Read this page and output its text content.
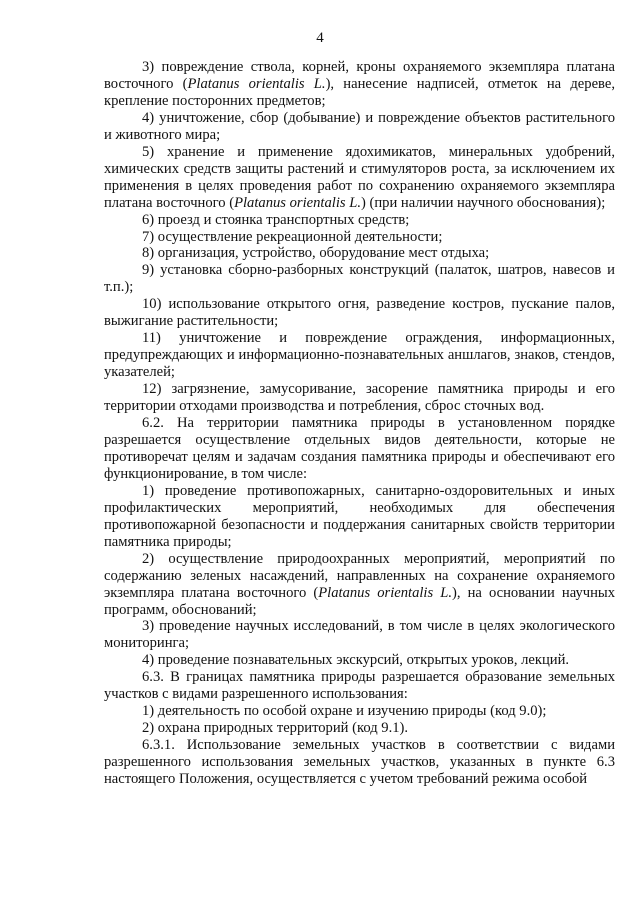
4

3) повреждение ствола, корней, кроны охраняемого экземпляра платана восточного (Platanus orientalis L.), нанесение надписей, отметок на дереве, крепление посторонних предметов;

4) уничтожение, сбор (добывание) и повреждение объектов растительного и животного мира;

5) хранение и применение ядохимикатов, минеральных удобрений, химических средств защиты растений и стимуляторов роста, за исключением их применения в целях проведения работ по сохранению охраняемого экземпляра платана восточного (Platanus orientalis L.) (при наличии научного обоснования);

6) проезд и стоянка транспортных средств;

7) осуществление рекреационной деятельности;

8) организация, устройство, оборудование мест отдыха;

9) установка сборно-разборных конструкций (палаток, шатров, навесов и т.п.);

10) использование открытого огня, разведение костров, пускание палов, выжигание растительности;

11) уничтожение и повреждение ограждения, информационных, предупреждающих и информационно-познавательных аншлагов, знаков, стендов, указателей;

12) загрязнение, замусоривание, засорение памятника природы и его территории отходами производства и потребления, сброс сточных вод.

6.2. На территории памятника природы в установленном порядке разрешается осуществление отдельных видов деятельности, которые не противоречат целям и задачам создания памятника природы и обеспечивают его функционирование, в том числе:

1) проведение противопожарных, санитарно-оздоровительных и иных профилактических мероприятий, необходимых для обеспечения противопожарной безопасности и поддержания санитарных свойств территории памятника природы;

2) осуществление природоохранных мероприятий, мероприятий по содержанию зеленых насаждений, направленных на сохранение охраняемого экземпляра платана восточного (Platanus orientalis L.), на основании научных программ, обоснований;

3) проведение научных исследований, в том числе в целях экологического мониторинга;

4) проведение познавательных экскурсий, открытых уроков, лекций.

6.3. В границах памятника природы разрешается образование земельных участков с видами разрешенного использования:

1) деятельность по особой охране и изучению природы (код 9.0);

2) охрана природных территорий (код 9.1).

6.3.1. Использование земельных участков в соответствии с видами разрешенного использования земельных участков, указанных в пункте 6.3 настоящего Положения, осуществляется с учетом требований режима особой
